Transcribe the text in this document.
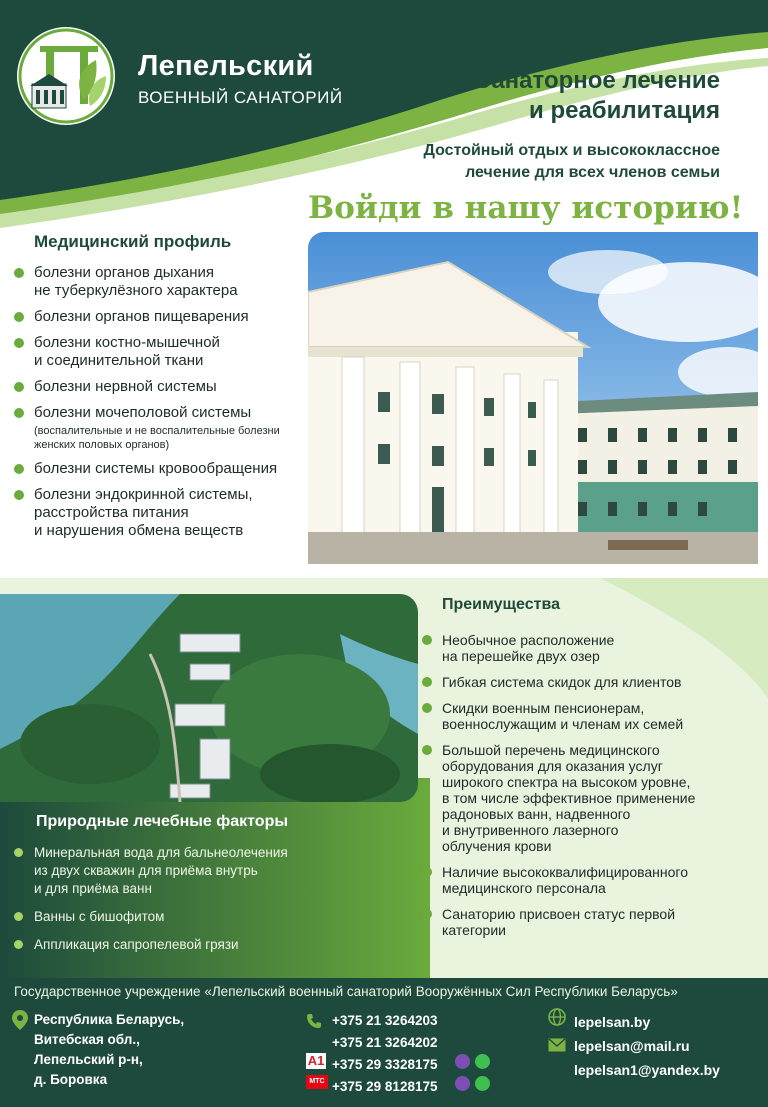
Лепельский
ВОЕННЫЙ САНАТОРИЙ
Санаторное лечение
и реабилитация
Достойный отдых и высококлассное
лечение для всех членов семьи
Войди в нашу историю!
Медицинский профиль
болезни органов дыхания
не туберкулёзного характера
болезни органов пищеварения
болезни костно-мышечной
и соединительной ткани
болезни нервной системы
болезни мочеполовой системы
(воспалительные и не воспалительные болезни женских половых органов)
болезни системы кровообращения
болезни эндокринной системы,
расстройства питания
и нарушения обмена веществ
Природные лечебные факторы
Минеральная вода для бальнеолечения
из двух скважин для приёма внутрь
и для приёма ванн
Ванны с бишофитом
Аппликация сапропелевой грязи
Преимущества
Необычное расположение
на перешейке двух озер
Гибкая система скидок для клиентов
Скидки военным пенсионерам,
военнослужащим и членам их семей
Большой перечень медицинского
оборудования для оказания услуг
широкого спектра на высоком уровне,
в том числе эффективное применение
радоновых ванн, надвенного
и внутривенного лазерного
облучения крови
Наличие высококвалифицированного
медицинского персонала
Санаторию присвоен статус первой
категории
Государственное учреждение «Лепельский военный санаторий Вооружённых Сил Республики Беларусь»
Республика Беларусь,
Витебская обл.,
Лепельский р-н,
д. Боровка
A1
МТС
+375 21 3264203
+375 21 3264202
+375 29 3328175
+375 29 8128175
lepelsan.by
lepelsan@mail.ru
lepelsan1@yandex.by
